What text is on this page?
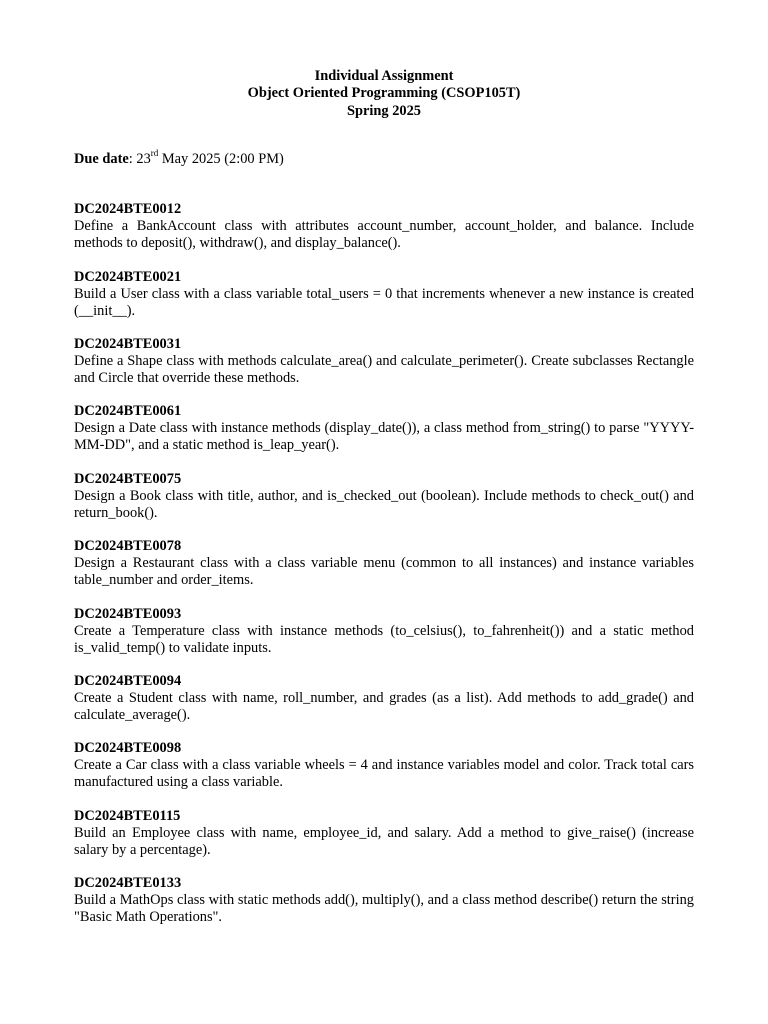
Individual Assignment
Object Oriented Programming (CSOP105T)
Spring 2025
Due date: 23rd May 2025 (2:00 PM)
DC2024BTE0012
Define a BankAccount class with attributes account_number, account_holder, and balance. Include methods to deposit(), withdraw(), and display_balance().
DC2024BTE0021
Build a User class with a class variable total_users = 0 that increments whenever a new instance is created (__init__).
DC2024BTE0031
Define a Shape class with methods calculate_area() and calculate_perimeter(). Create subclasses Rectangle and Circle that override these methods.
DC2024BTE0061
Design a Date class with instance methods (display_date()), a class method from_string() to parse "YYYY-MM-DD", and a static method is_leap_year().
DC2024BTE0075
Design a Book class with title, author, and is_checked_out (boolean). Include methods to check_out() and return_book().
DC2024BTE0078
Design a Restaurant class with a class variable menu (common to all instances) and instance variables table_number and order_items.
DC2024BTE0093
Create a Temperature class with instance methods (to_celsius(), to_fahrenheit()) and a static method is_valid_temp() to validate inputs.
DC2024BTE0094
Create a Student class with name, roll_number, and grades (as a list). Add methods to add_grade() and calculate_average().
DC2024BTE0098
Create a Car class with a class variable wheels = 4 and instance variables model and color. Track total cars manufactured using a class variable.
DC2024BTE0115
Build an Employee class with name, employee_id, and salary. Add a method to give_raise() (increase salary by a percentage).
DC2024BTE0133
Build a MathOps class with static methods add(), multiply(), and a class method describe() return the string "Basic Math Operations".
